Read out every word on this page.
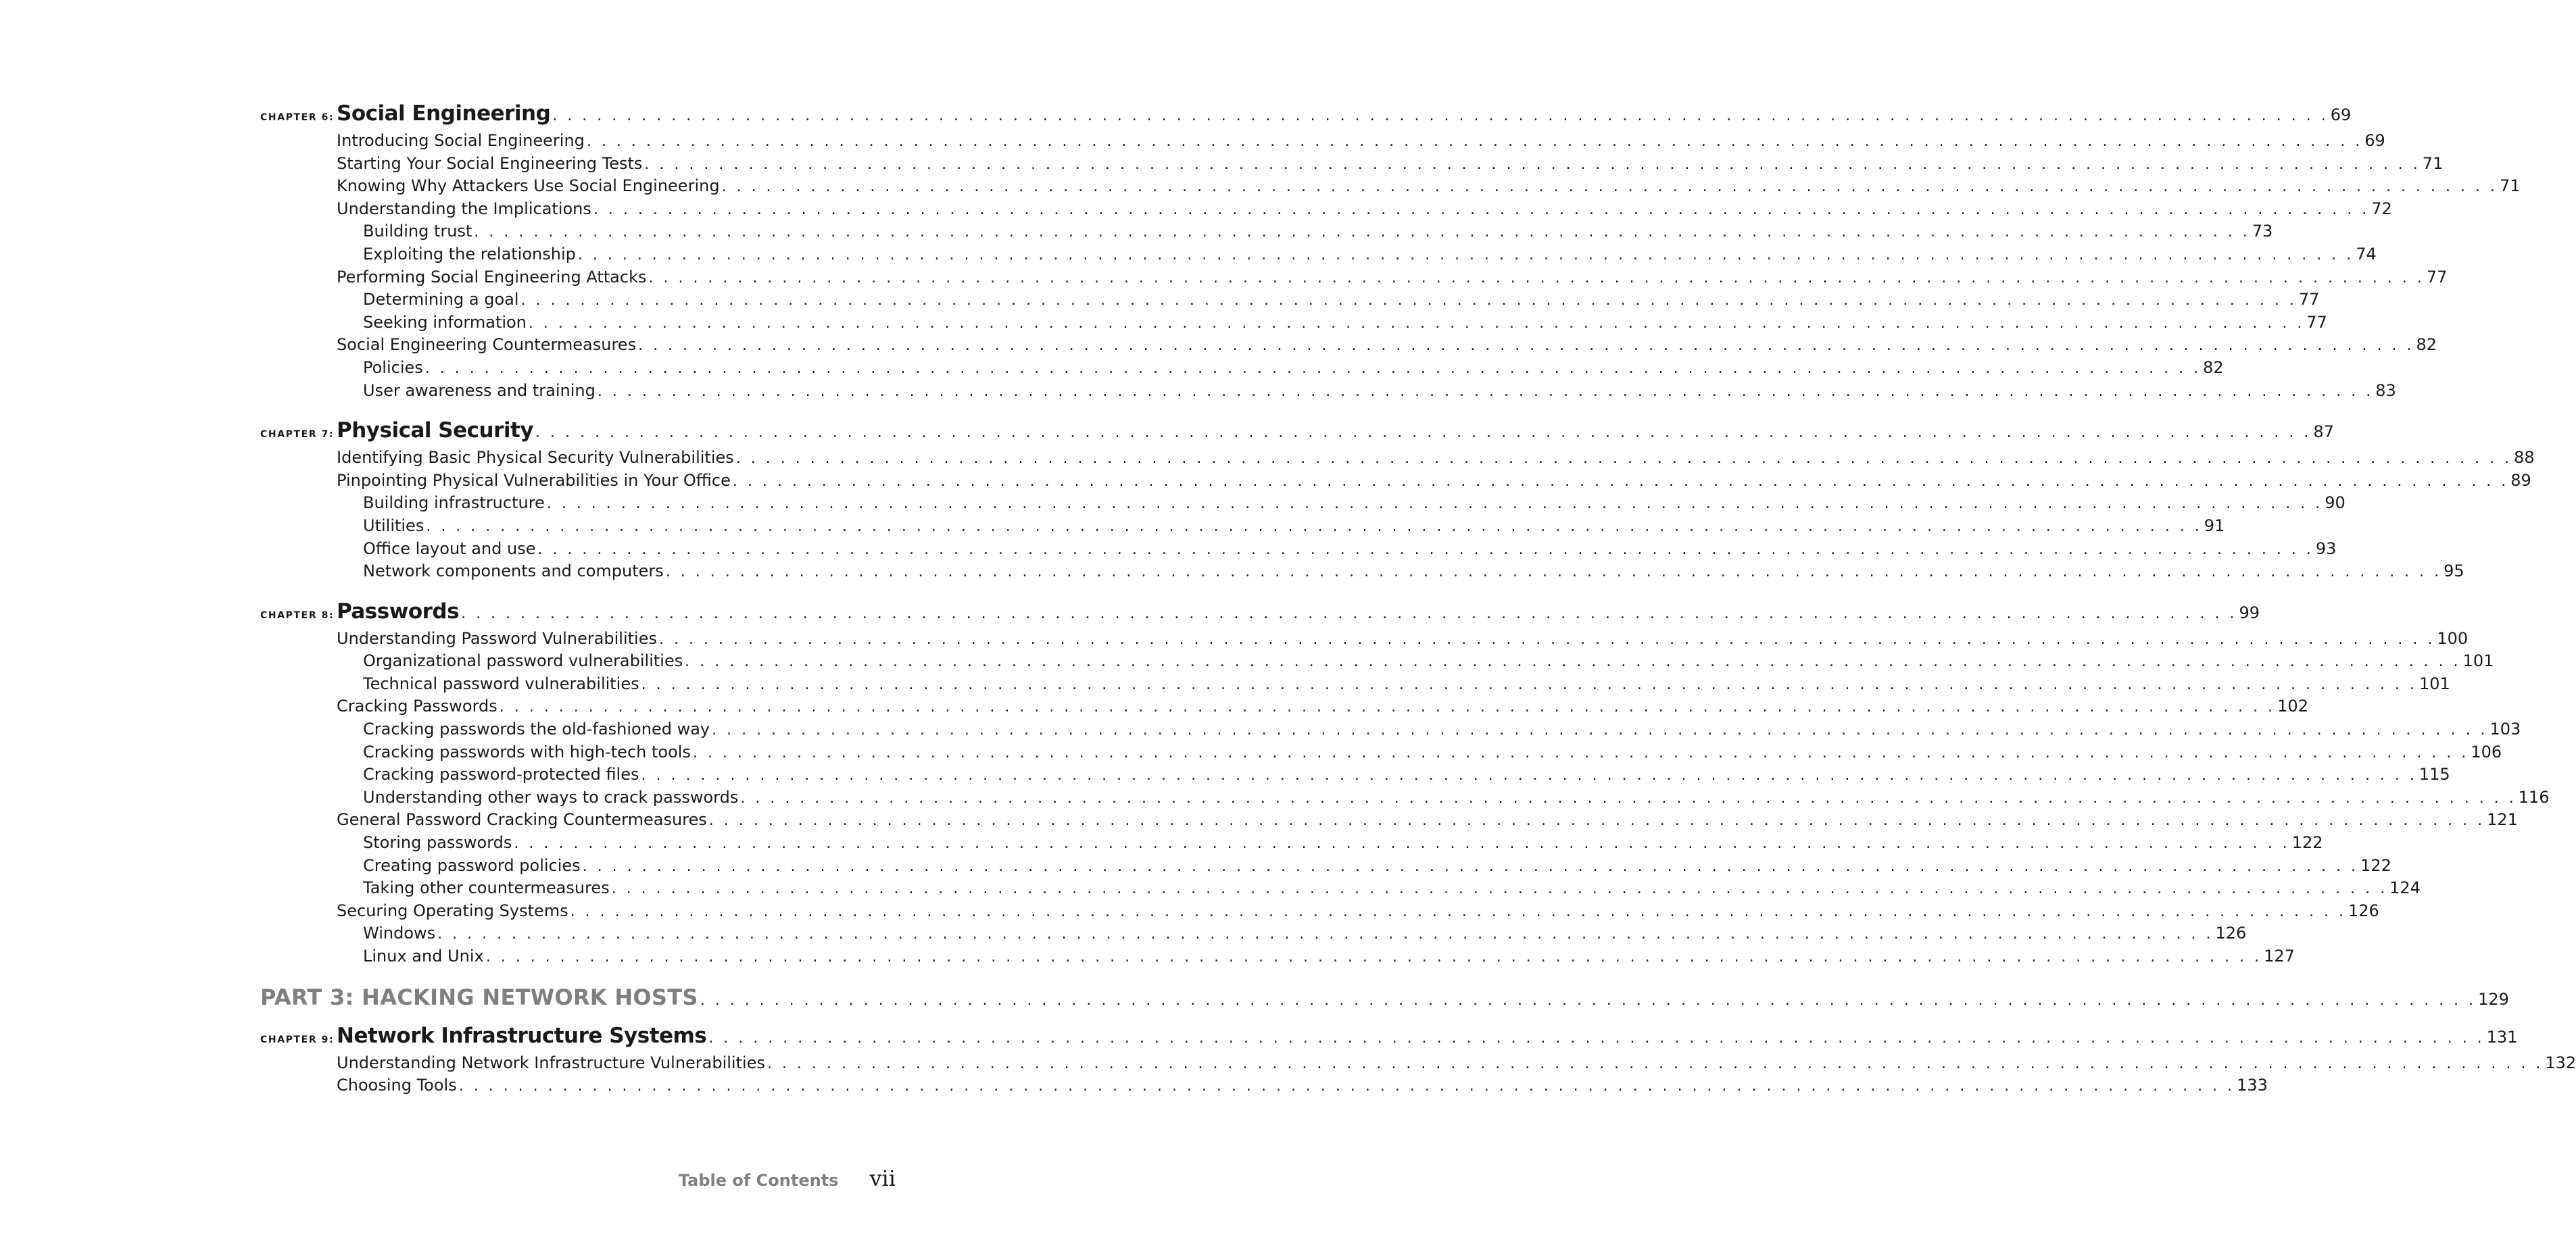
CHAPTER 6: Social Engineering . . . . . . . . . . . . . . . . . . . . . . . . . . . . . . . . . . . . . . . . . . . . . . . . . . . . . . . . . . . . . . . . . . . . . . . . . . . . . . . . . . . . . . . . . . . . . . . . . . . . . . . . . . . . . . . . . . . . . . . . 69
Introducing Social Engineering . . . . . . . . . . . . . . . . . . . . . . . . . . . . . . . . . . . . . . . . . . . . . . . . . . . . . . . . . . . . . . . . . . . . . . . . . . . . . . . . . . . . . . . . . . . . . . . . . . . . . . . . . . . . . . . . . . . . . . . . 69
Starting Your Social Engineering Tests . . . . . . . . . . . . . . . . . . . . . . . . . . . . . . . . . . . . . . . . . . . . . . . . . . . . . . . . . . . . . . . . . . . . . . . . . . . . . . . . . . . . . . . . . . . . . . . . . . . . . . . . . . . . . . . . . . . . . . . . 71
Knowing Why Attackers Use Social Engineering . . . . . . . . . . . . . . . . . . . . . . . . . . . . . . . . . . . . . . . . . . . . . . . . . . . . . . . . . . . . . . . . . . . . . . . . . . . . . . . . . . . . . . . . . . . . . . . . . . . . . . . . . . . . . . . . . . . . . . . . 71
Understanding the Implications . . . . . . . . . . . . . . . . . . . . . . . . . . . . . . . . . . . . . . . . . . . . . . . . . . . . . . . . . . . . . . . . . . . . . . . . . . . . . . . . . . . . . . . . . . . . . . . . . . . . . . . . . . . . . . . . . . . . . . . . 72
Building trust . . . . . . . . . . . . . . . . . . . . . . . . . . . . . . . . . . . . . . . . . . . . . . . . . . . . . . . . . . . . . . . . . . . . . . . . . . . . . . . . . . . . . . . . . . . . . . . . . . . . . . . . . . . . . . . . . . . . . . . . 73
Exploiting the relationship . . . . . . . . . . . . . . . . . . . . . . . . . . . . . . . . . . . . . . . . . . . . . . . . . . . . . . . . . . . . . . . . . . . . . . . . . . . . . . . . . . . . . . . . . . . . . . . . . . . . . . . . . . . . . . . . . . . . . . . . 74
Performing Social Engineering Attacks . . . . . . . . . . . . . . . . . . . . . . . . . . . . . . . . . . . . . . . . . . . . . . . . . . . . . . . . . . . . . . . . . . . . . . . . . . . . . . . . . . . . . . . . . . . . . . . . . . . . . . . . . . . . . . . . . . . . . . . . 77
Determining a goal . . . . . . . . . . . . . . . . . . . . . . . . . . . . . . . . . . . . . . . . . . . . . . . . . . . . . . . . . . . . . . . . . . . . . . . . . . . . . . . . . . . . . . . . . . . . . . . . . . . . . . . . . . . . . . . . . . . . . . . . 77
Seeking information . . . . . . . . . . . . . . . . . . . . . . . . . . . . . . . . . . . . . . . . . . . . . . . . . . . . . . . . . . . . . . . . . . . . . . . . . . . . . . . . . . . . . . . . . . . . . . . . . . . . . . . . . . . . . . . . . . . . . . . . 77
Social Engineering Countermeasures . . . . . . . . . . . . . . . . . . . . . . . . . . . . . . . . . . . . . . . . . . . . . . . . . . . . . . . . . . . . . . . . . . . . . . . . . . . . . . . . . . . . . . . . . . . . . . . . . . . . . . . . . . . . . . . . . . . . . . . . 82
Policies . . . . . . . . . . . . . . . . . . . . . . . . . . . . . . . . . . . . . . . . . . . . . . . . . . . . . . . . . . . . . . . . . . . . . . . . . . . . . . . . . . . . . . . . . . . . . . . . . . . . . . . . . . . . . . . . . . . . . . . . 82
User awareness and training . . . . . . . . . . . . . . . . . . . . . . . . . . . . . . . . . . . . . . . . . . . . . . . . . . . . . . . . . . . . . . . . . . . . . . . . . . . . . . . . . . . . . . . . . . . . . . . . . . . . . . . . . . . . . . . . . . . . . . . . 83
CHAPTER 7: Physical Security . . . . . . . . . . . . . . . . . . . . . . . . . . . . . . . . . . . . . . . . . . . . . . . . . . . . . . . . . . . . . . . . . . . . . . . . . . . . . . . . . . . . . . . . . . . . . . . . . . . . . . . . . . . . . . . . . . . . . . . . 87
Identifying Basic Physical Security Vulnerabilities . . . . . . . . . . . . . . . . . . . . . . . . . . . . . . . . . . . . . . . . . . . . . . . . . . . . . . . . . . . . . . . . . . . . . . . . . . . . . . . . . . . . . . . . . . . . . . . . . . . . . . . . . . . . . . . . . . . . . . . . 88
Pinpointing Physical Vulnerabilities in Your Office . . . . . . . . . . . . . . . . . . . . . . . . . . . . . . . . . . . . . . . . . . . . . . . . . . . . . . . . . . . . . . . . . . . . . . . . . . . . . . . . . . . . . . . . . . . . . . . . . . . . . . . . . . . . . . . . . . . . . . . . 89
Building infrastructure . . . . . . . . . . . . . . . . . . . . . . . . . . . . . . . . . . . . . . . . . . . . . . . . . . . . . . . . . . . . . . . . . . . . . . . . . . . . . . . . . . . . . . . . . . . . . . . . . . . . . . . . . . . . . . . . . . . . . . . . 90
Utilities . . . . . . . . . . . . . . . . . . . . . . . . . . . . . . . . . . . . . . . . . . . . . . . . . . . . . . . . . . . . . . . . . . . . . . . . . . . . . . . . . . . . . . . . . . . . . . . . . . . . . . . . . . . . . . . . . . . . . . . . 91
Office layout and use . . . . . . . . . . . . . . . . . . . . . . . . . . . . . . . . . . . . . . . . . . . . . . . . . . . . . . . . . . . . . . . . . . . . . . . . . . . . . . . . . . . . . . . . . . . . . . . . . . . . . . . . . . . . . . . . . . . . . . . . 93
Network components and computers . . . . . . . . . . . . . . . . . . . . . . . . . . . . . . . . . . . . . . . . . . . . . . . . . . . . . . . . . . . . . . . . . . . . . . . . . . . . . . . . . . . . . . . . . . . . . . . . . . . . . . . . . . . . . . . . . . . . . . . . 95
CHAPTER 8: Passwords . . . . . . . . . . . . . . . . . . . . . . . . . . . . . . . . . . . . . . . . . . . . . . . . . . . . . . . . . . . . . . . . . . . . . . . . . . . . . . . . . . . . . . . . . . . . . . . . . . . . . . . . . . . . . . . . . . . . . . . . 99
Understanding Password Vulnerabilities . . . . . . . . . . . . . . . . . . . . . . . . . . . . . . . . . . . . . . . . . . . . . . . . . . . . . . . . . . . . . . . . . . . . . . . . . . . . . . . . . . . . . . . . . . . . . . . . . . . . . . . . . . . . . . . . . . . . . . . . 100
Organizational password vulnerabilities . . . . . . . . . . . . . . . . . . . . . . . . . . . . . . . . . . . . . . . . . . . . . . . . . . . . . . . . . . . . . . . . . . . . . . . . . . . . . . . . . . . . . . . . . . . . . . . . . . . . . . . . . . . . . . . . . . . . . . . . 101
Technical password vulnerabilities . . . . . . . . . . . . . . . . . . . . . . . . . . . . . . . . . . . . . . . . . . . . . . . . . . . . . . . . . . . . . . . . . . . . . . . . . . . . . . . . . . . . . . . . . . . . . . . . . . . . . . . . . . . . . . . . . . . . . . . . 101
Cracking Passwords . . . . . . . . . . . . . . . . . . . . . . . . . . . . . . . . . . . . . . . . . . . . . . . . . . . . . . . . . . . . . . . . . . . . . . . . . . . . . . . . . . . . . . . . . . . . . . . . . . . . . . . . . . . . . . . . . . . . . . . . 102
Cracking passwords the old-fashioned way . . . . . . . . . . . . . . . . . . . . . . . . . . . . . . . . . . . . . . . . . . . . . . . . . . . . . . . . . . . . . . . . . . . . . . . . . . . . . . . . . . . . . . . . . . . . . . . . . . . . . . . . . . . . . . . . . . . . . . . . 103
Cracking passwords with high-tech tools . . . . . . . . . . . . . . . . . . . . . . . . . . . . . . . . . . . . . . . . . . . . . . . . . . . . . . . . . . . . . . . . . . . . . . . . . . . . . . . . . . . . . . . . . . . . . . . . . . . . . . . . . . . . . . . . . . . . . . . . 106
Cracking password-protected files . . . . . . . . . . . . . . . . . . . . . . . . . . . . . . . . . . . . . . . . . . . . . . . . . . . . . . . . . . . . . . . . . . . . . . . . . . . . . . . . . . . . . . . . . . . . . . . . . . . . . . . . . . . . . . . . . . . . . . . . 115
Understanding other ways to crack passwords . . . . . . . . . . . . . . . . . . . . . . . . . . . . . . . . . . . . . . . . . . . . . . . . . . . . . . . . . . . . . . . . . . . . . . . . . . . . . . . . . . . . . . . . . . . . . . . . . . . . . . . . . . . . . . . . . . . . . . . . 116
General Password Cracking Countermeasures . . . . . . . . . . . . . . . . . . . . . . . . . . . . . . . . . . . . . . . . . . . . . . . . . . . . . . . . . . . . . . . . . . . . . . . . . . . . . . . . . . . . . . . . . . . . . . . . . . . . . . . . . . . . . . . . . . . . . . . . 121
Storing passwords . . . . . . . . . . . . . . . . . . . . . . . . . . . . . . . . . . . . . . . . . . . . . . . . . . . . . . . . . . . . . . . . . . . . . . . . . . . . . . . . . . . . . . . . . . . . . . . . . . . . . . . . . . . . . . . . . . . . . . . . 122
Creating password policies . . . . . . . . . . . . . . . . . . . . . . . . . . . . . . . . . . . . . . . . . . . . . . . . . . . . . . . . . . . . . . . . . . . . . . . . . . . . . . . . . . . . . . . . . . . . . . . . . . . . . . . . . . . . . . . . . . . . . . . . 122
Taking other countermeasures . . . . . . . . . . . . . . . . . . . . . . . . . . . . . . . . . . . . . . . . . . . . . . . . . . . . . . . . . . . . . . . . . . . . . . . . . . . . . . . . . . . . . . . . . . . . . . . . . . . . . . . . . . . . . . . . . . . . . . . . 124
Securing Operating Systems . . . . . . . . . . . . . . . . . . . . . . . . . . . . . . . . . . . . . . . . . . . . . . . . . . . . . . . . . . . . . . . . . . . . . . . . . . . . . . . . . . . . . . . . . . . . . . . . . . . . . . . . . . . . . . . . . . . . . . . . 126
Windows . . . . . . . . . . . . . . . . . . . . . . . . . . . . . . . . . . . . . . . . . . . . . . . . . . . . . . . . . . . . . . . . . . . . . . . . . . . . . . . . . . . . . . . . . . . . . . . . . . . . . . . . . . . . . . . . . . . . . . . . 126
Linux and Unix . . . . . . . . . . . . . . . . . . . . . . . . . . . . . . . . . . . . . . . . . . . . . . . . . . . . . . . . . . . . . . . . . . . . . . . . . . . . . . . . . . . . . . . . . . . . . . . . . . . . . . . . . . . . . . . . . . . . . . . . 127
PART 3: HACKING NETWORK HOSTS . . . . . . . . . . . . . . . . . . . . . . . . . . . . . . . . . . . . . . . . . . . . . . . . . . . . . . . . . . . . . . . . . . . . . . . . . . . . . . . . . . . . . . . . . . . . . . . . . . . . . . . . . . . . . . . . . . . . . . . . 129
CHAPTER 9: Network Infrastructure Systems . . . . . . . . . . . . . . . . . . . . . . . . . . . . . . . . . . . . . . . . . . . . . . . . . . . . . . . . . . . . . . . . . . . . . . . . . . . . . . . . . . . . . . . . . . . . . . . . . . . . . . . . . . . . . . . . . . . . . . . . 131
Understanding Network Infrastructure Vulnerabilities . . . . . . . . . . . . . . . . . . . . . . . . . . . . . . . . . . . . . . . . . . . . . . . . . . . . . . . . . . . . . . . . . . . . . . . . . . . . . . . . . . . . . . . . . . . . . . . . . . . . . . . . . . . . . . . . . . . . . . . . 132
Choosing Tools . . . . . . . . . . . . . . . . . . . . . . . . . . . . . . . . . . . . . . . . . . . . . . . . . . . . . . . . . . . . . . . . . . . . . . . . . . . . . . . . . . . . . . . . . . . . . . . . . . . . . . . . . . . . . . . . . . . . . . . . 133
Table of Contents vii
